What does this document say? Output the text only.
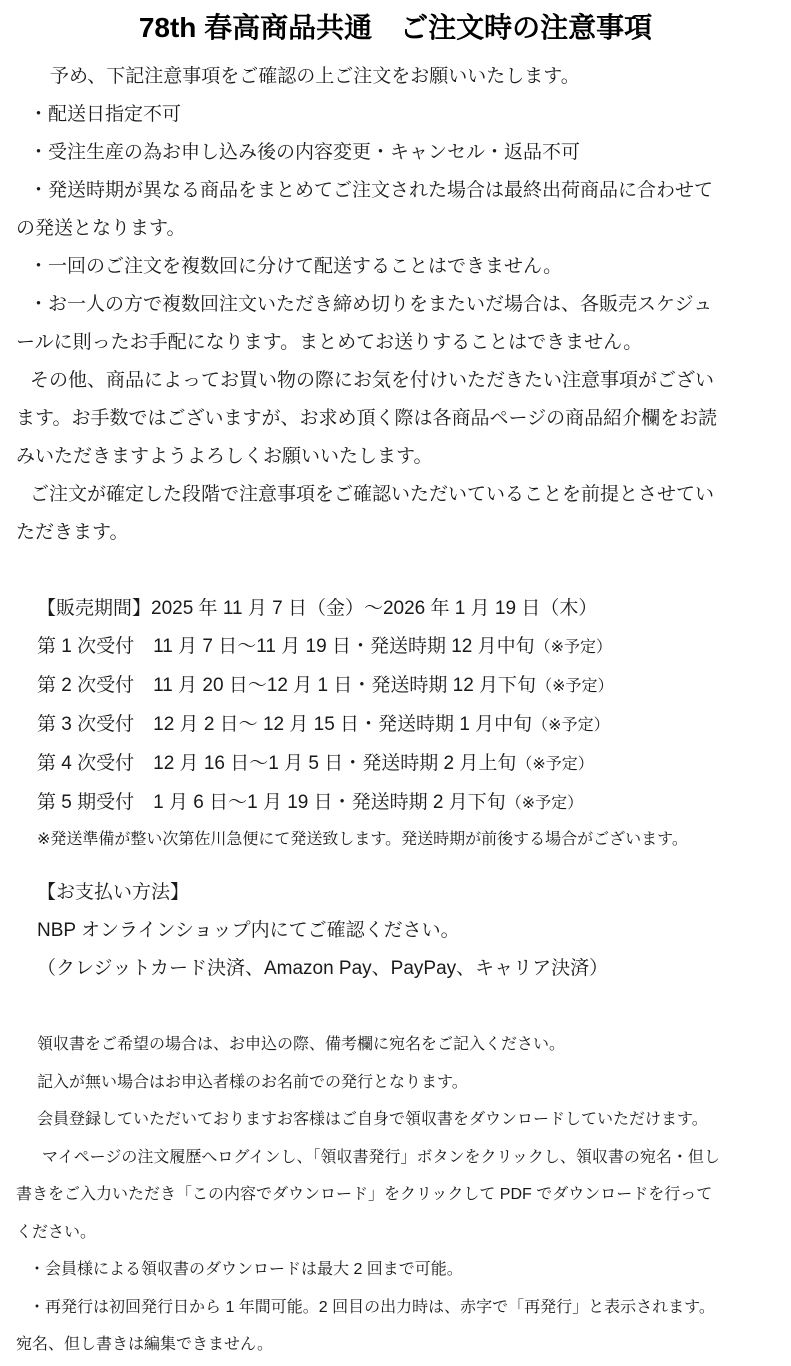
78th 春高商品共通　ご注文時の注意事項
予め、下記注意事項をご確認の上ご注文をお願いいたします。
・配送日指定不可
・受注生産の為お申し込み後の内容変更・キャンセル・返品不可
・発送時期が異なる商品をまとめてご注文された場合は最終出荷商品に合わせて
の発送となります。
・一回のご注文を複数回に分けて配送することはできません。
・お一人の方で複数回注文いただき締め切りをまたいだ場合は、各販売スケジュ
ールに則ったお手配になります。まとめてお送りすることはできません。
その他、商品によってお買い物の際にお気を付けいただきたい注意事項がござい
ます。お手数ではございますが、お求め頂く際は各商品ページの商品紹介欄をお読
みいただきますようよろしくお願いいたします。
ご注文が確定した段階で注意事項をご確認いただいていることを前提とさせてい
ただきます。
【販売期間】2025 年 11 月 7 日（金）～2026 年 1 月 19 日（木）
第 1 次受付　11 月 7 日～11 月 19 日・発送時期 12 月中旬（※予定）
第 2 次受付　11 月 20 日～12 月 1 日・発送時期 12 月下旬（※予定）
第 3 次受付　12 月 2 日～ 12 月 15 日・発送時期 1 月中旬（※予定）
第 4 次受付　12 月 16 日～1 月 5 日・発送時期 2 月上旬（※予定）
第 5 期受付　1 月 6 日～1 月 19 日・発送時期 2 月下旬（※予定）
※発送準備が整い次第佐川急便にて発送致します。発送時期が前後する場合がございます。
【お支払い方法】
NBP オンラインショップ内にてご確認ください。
（クレジットカード決済、Amazon Pay、PayPay、キャリア決済）
領収書をご希望の場合は、お申込の際、備考欄に宛名をご記入ください。
記入が無い場合はお申込者様のお名前での発行となります。
会員登録していただいておりますお客様はご自身で領収書をダウンロードしていただけます。
マイページの注文履歴へログインし、「領収書発行」ボタンをクリックし、領収書の宛名・但し
書きをご入力いただき「この内容でダウンロード」をクリックして PDF でダウンロードを行って
ください。
・会員様による領収書のダウンロードは最大 2 回まで可能。
・再発行は初回発行日から 1 年間可能。2 回目の出力時は、赤字で「再発行」と表示されます。
宛名、但し書きは編集できません。
